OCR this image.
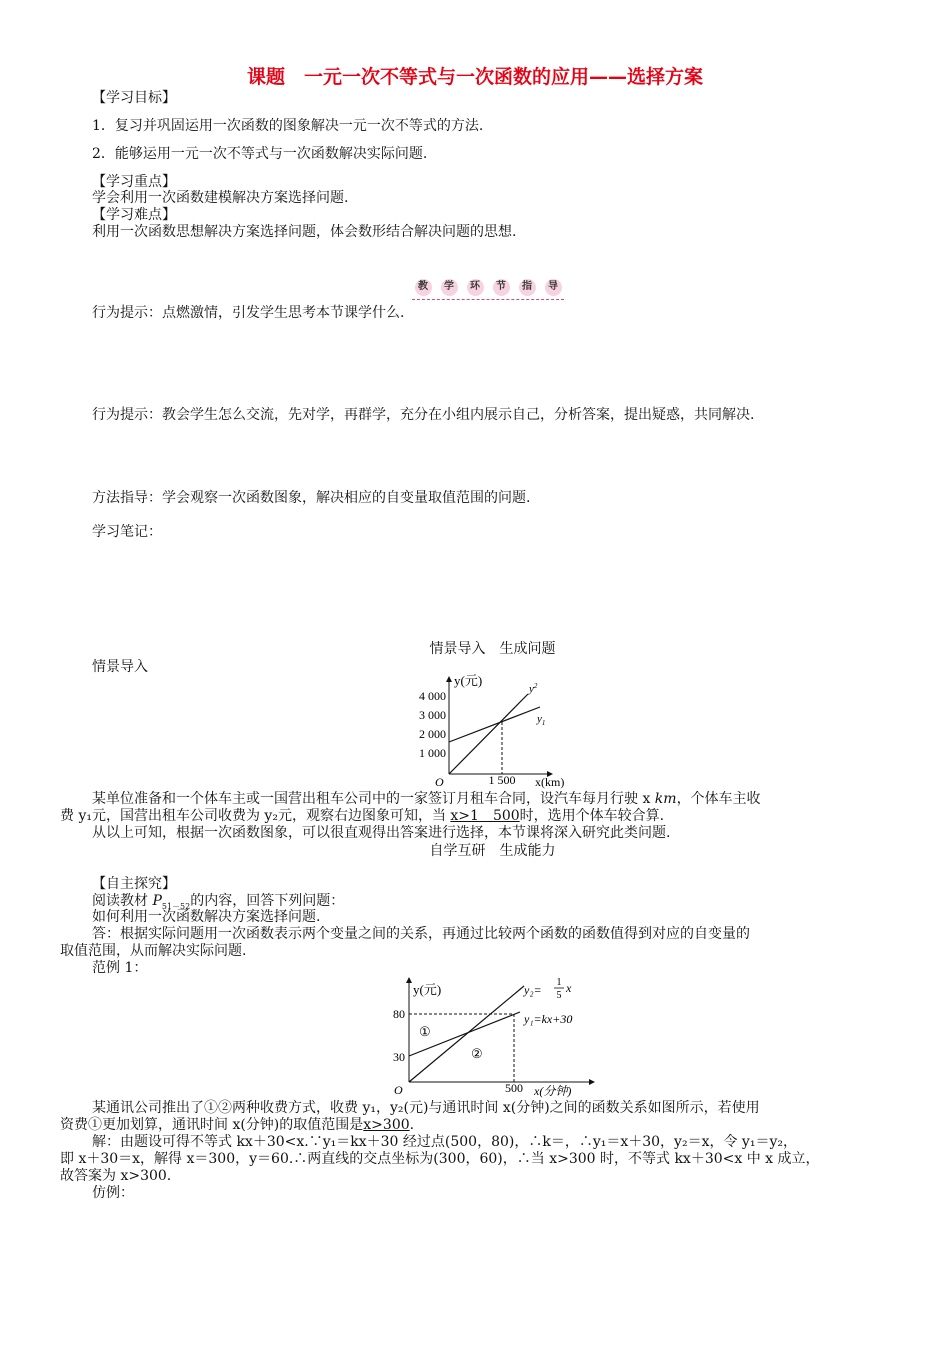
课题　一元一次不等式与一次函数的应用——选择方案
【学习目标】
1．复习并巩固运用一次函数的图象解决一元一次不等式的方法.
2．能够运用一元一次不等式与一次函数解决实际问题.
【学习重点】
学会利用一次函数建模解决方案选择问题.
【学习难点】
利用一次函数思想解决方案选择问题，体会数形结合解决问题的思想.
教	学	环	节	指	导
行为提示：点燃激情，引发学生思考本节课学什么.
行为提示：教会学生怎么交流，先对学，再群学，充分在小组内展示自己，分析答案，提出疑惑，共同解决.
方法指导：学会观察一次函数图象，解决相应的自变量取值范围的问题.
学习笔记：
情景导入　生成问题
情景导入
y(元)
x(km)
O
4 000
3 000
2 000
1 000
1 500
$y^2$
$y_1$
某单位准备和一个体车主或一国营出租车公司中的一家签订月租车合同，设汽车每月行驶 x km，个体车主收
费 y₁元，国营出租车公司收费为 y₂元，观察右边图象可知，当 x>1　500时，选用个体车较合算.
从以上可知，根据一次函数图象，可以很直观得出答案进行选择，本节课将深入研究此类问题.
自学互研　生成能力
【自主探究】
阅读教材 $P_{51-52}$的内容，回答下列问题：
如何利用一次函数解决方案选择问题.
答：根据实际问题用一次函数表示两个变量之间的关系，再通过比较两个函数的函数值得到对应的自变量的
取值范围，从而解决实际问题.
范例 1：
y(元)
x(分钟)
O
80
30
500
①
②
y₁=kx+30
y₂=
1
5
x
某通讯公司推出了①②两种收费方式，收费 y₁，y₂(元)与通讯时间 x(分钟)之间的函数关系如图所示，若使用
资费①更加划算，通讯时间 x(分钟)的取值范围是x>300.
解：由题设可得不等式 kx＋30<x.∵y₁＝kx＋30 经过点(500，80)，∴k＝，∴y₁＝x＋30，y₂＝x，令 y₁＝y₂，
即 x＋30＝x，解得 x＝300，y＝60.∴两直线的交点坐标为(300，60)，∴当 x>300 时，不等式 kx＋30<x 中 x 成立，
故答案为 x>300.
仿例：
